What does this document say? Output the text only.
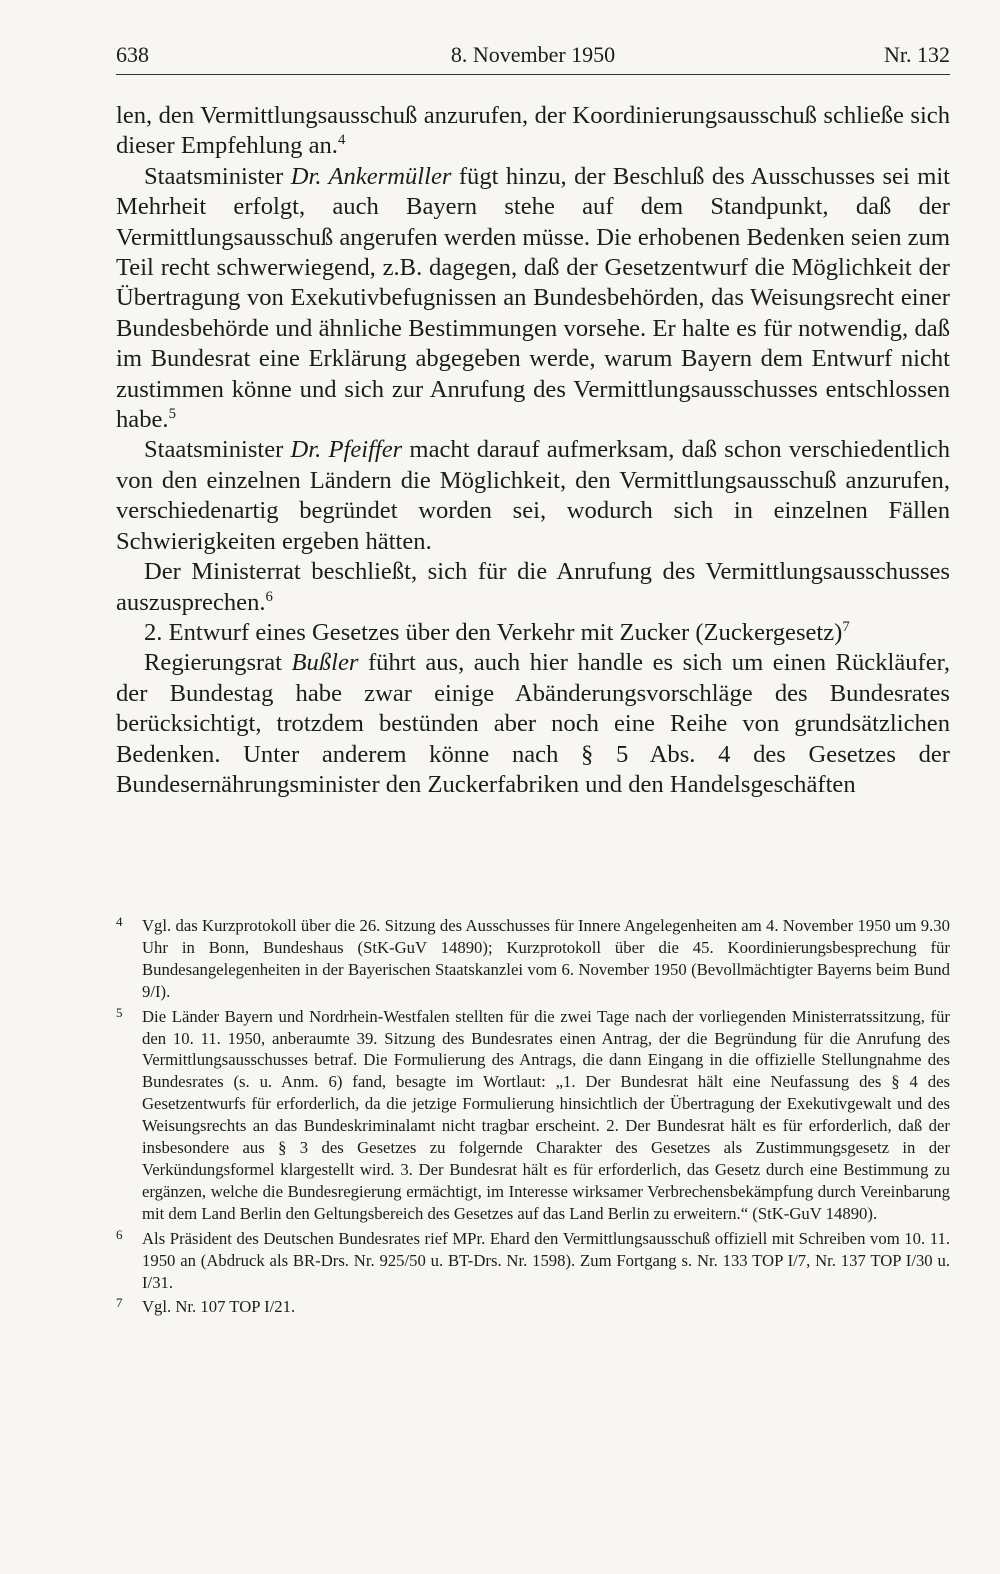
8. November 1950
638	Nr. 132

len, den Vermittlungsausschuß anzurufen, der Koordinierungsausschuß schließe sich dieser Empfehlung an.$^4$

Staatsminister Dr. Ankermüller fügt hinzu, der Beschluß des Ausschusses sei mit Mehrheit erfolgt, auch Bayern stehe auf dem Standpunkt, daß der Vermittlungsausschuß angerufen werden müsse. Die erhobenen Bedenken seien zum Teil recht schwerwiegend, z.B. dagegen, daß der Gesetzentwurf die Möglichkeit der Übertragung von Exekutivbefugnissen an Bundesbehörden, das Weisungsrecht einer Bundesbehörde und ähnliche Bestimmungen vorsehe. Er halte es für notwendig, daß im Bundesrat eine Erklärung abgegeben werde, warum Bayern dem Entwurf nicht zustimmen könne und sich zur Anrufung des Vermittlungsausschusses entschlossen habe.$^5$

Staatsminister Dr. Pfeiffer macht darauf aufmerksam, daß schon verschiedentlich von den einzelnen Ländern die Möglichkeit, den Vermittlungsausschuß anzurufen, verschiedenartig begründet worden sei, wodurch sich in einzelnen Fällen Schwierigkeiten ergeben hätten.

Der Ministerrat beschließt, sich für die Anrufung des Vermittlungsausschusses auszusprechen.$^6$

2. Entwurf eines Gesetzes über den Verkehr mit Zucker (Zuckergesetz)$^7$

Regierungsrat Bußler führt aus, auch hier handle es sich um einen Rückläufer, der Bundestag habe zwar einige Abänderungsvorschläge des Bundesrates berücksichtigt, trotzdem bestünden aber noch eine Reihe von grundsätzlichen Bedenken. Unter anderem könne nach § 5 Abs. 4 des Gesetzes der Bundesernährungsminister den Zuckerfabriken und den Handelsgeschäften

4 Vgl. das Kurzprotokoll über die 26. Sitzung des Ausschusses für Innere Angelegenheiten am 4. November 1950 um 9.30 Uhr in Bonn, Bundeshaus (StK-GuV 14890); Kurzprotokoll über die 45. Koordinierungsbesprechung für Bundesangelegenheiten in der Bayerischen Staatskanzlei vom 6. November 1950 (Bevollmächtigter Bayerns beim Bund 9/I).
5 Die Länder Bayern und Nordrhein-Westfalen stellten für die zwei Tage nach der vorliegenden Ministerratssitzung, für den 10. 11. 1950, anberaumte 39. Sitzung des Bundesrates einen Antrag, der die Begründung für die Anrufung des Vermittlungsausschusses betraf. Die Formulierung des Antrags, die dann Eingang in die offizielle Stellungnahme des Bundesrates (s. u. Anm. 6) fand, besagte im Wortlaut: „1. Der Bundesrat hält eine Neufassung des § 4 des Gesetzentwurfs für erforderlich, da die jetzige Formulierung hinsichtlich der Übertragung der Exekutivgewalt und des Weisungsrechts an das Bundeskriminalamt nicht tragbar erscheint. 2. Der Bundesrat hält es für erforderlich, daß der insbesondere aus § 3 des Gesetzes zu folgernde Charakter des Gesetzes als Zustimmungsgesetz in der Verkündungsformel klargestellt wird. 3. Der Bundesrat hält es für erforderlich, das Gesetz durch eine Bestimmung zu ergänzen, welche die Bundesregierung ermächtigt, im Interesse wirksamer Verbrechensbekämpfung durch Vereinbarung mit dem Land Berlin den Geltungsbereich des Gesetzes auf das Land Berlin zu erweitern.“ (StK-GuV 14890).
6 Als Präsident des Deutschen Bundesrates rief MPr. Ehard den Vermittlungsausschuß offiziell mit Schreiben vom 10. 11. 1950 an (Abdruck als BR-Drs. Nr. 925/50 u. BT-Drs. Nr. 1598). Zum Fortgang s. Nr. 133 TOP I/7, Nr. 137 TOP I/30 u. I/31.
7 Vgl. Nr. 107 TOP I/21.
